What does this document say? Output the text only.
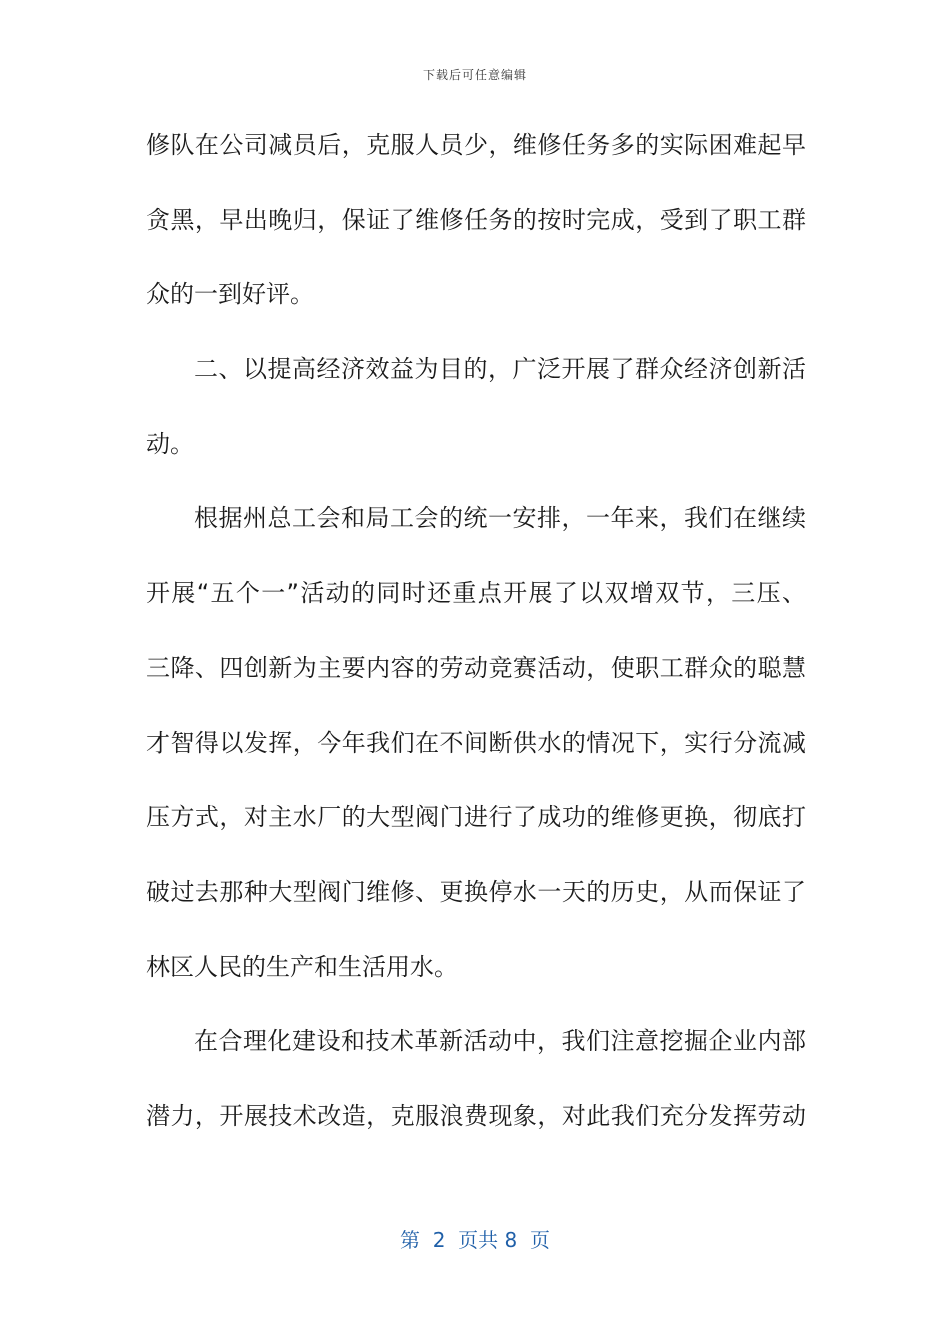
下载后可任意编辑
修队在公司减员后，克服人员少，维修任务多的实际困难起早
贪黑，早出晚归，保证了维修任务的按时完成，受到了职工群
众的一到好评。
二、以提高经济效益为目的，广泛开展了群众经济创新活
动。
根据州总工会和局工会的统一安排，一年来，我们在继续
开展“五个一”活动的同时还重点开展了以双增双节，三压、
三降、四创新为主要内容的劳动竞赛活动，使职工群众的聪慧
才智得以发挥，今年我们在不间断供水的情况下，实行分流减
压方式，对主水厂的大型阀门进行了成功的维修更换，彻底打
破过去那种大型阀门维修、更换停水一天的历史，从而保证了
林区人民的生产和生活用水。
在合理化建设和技术革新活动中，我们注意挖掘企业内部
潜力，开展技术改造，克服浪费现象，对此我们充分发挥劳动
第  2  页共 8  页
